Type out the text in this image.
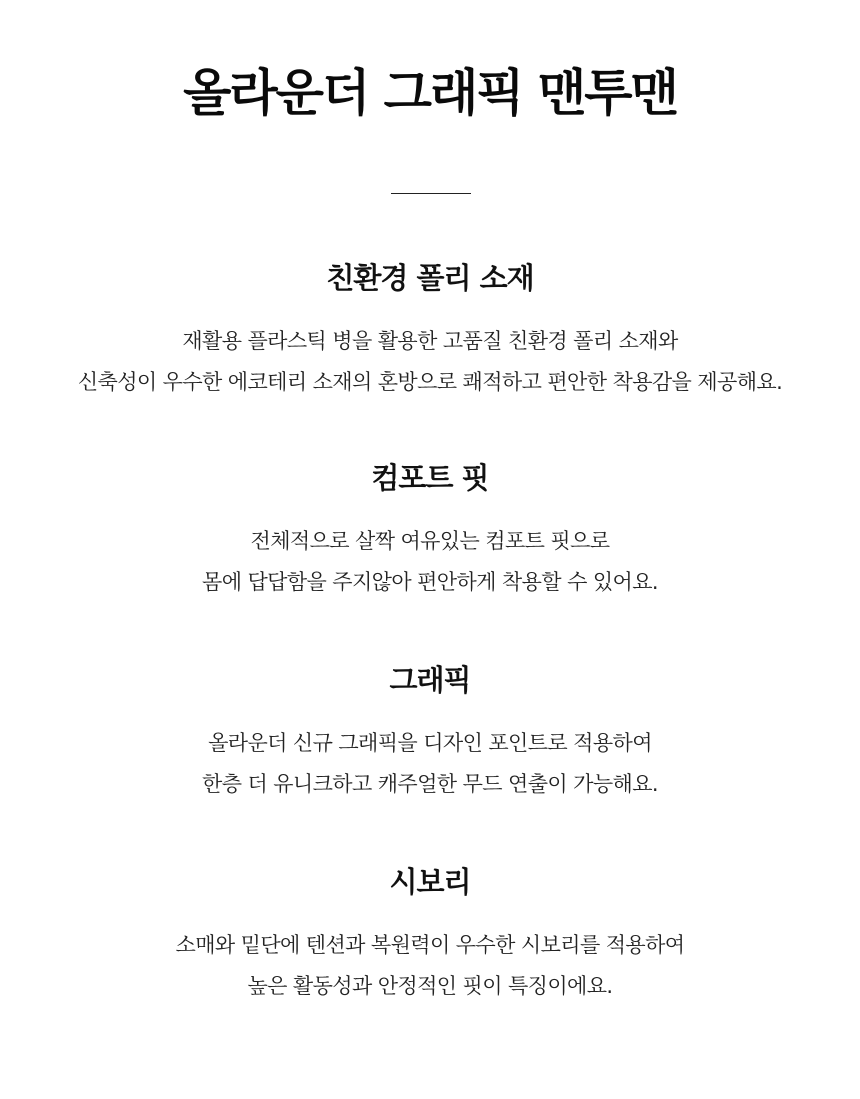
올라운더 그래픽 맨투맨
친환경 폴리 소재

재활용 플라스틱 병을 활용한 고품질 친환경 폴리 소재와
신축성이 우수한 에코테리 소재의 혼방으로 쾌적하고 편안한 착용감을 제공해요.

컴포트 핏

전체적으로 살짝 여유있는 컴포트 핏으로
몸에 답답함을 주지않아 편안하게 착용할 수 있어요.

그래픽

올라운더 신규 그래픽을 디자인 포인트로 적용하여
한층 더 유니크하고 캐주얼한 무드 연출이 가능해요.

시보리

소매와 밑단에 텐션과 복원력이 우수한 시보리를 적용하여
높은 활동성과 안정적인 핏이 특징이에요.
